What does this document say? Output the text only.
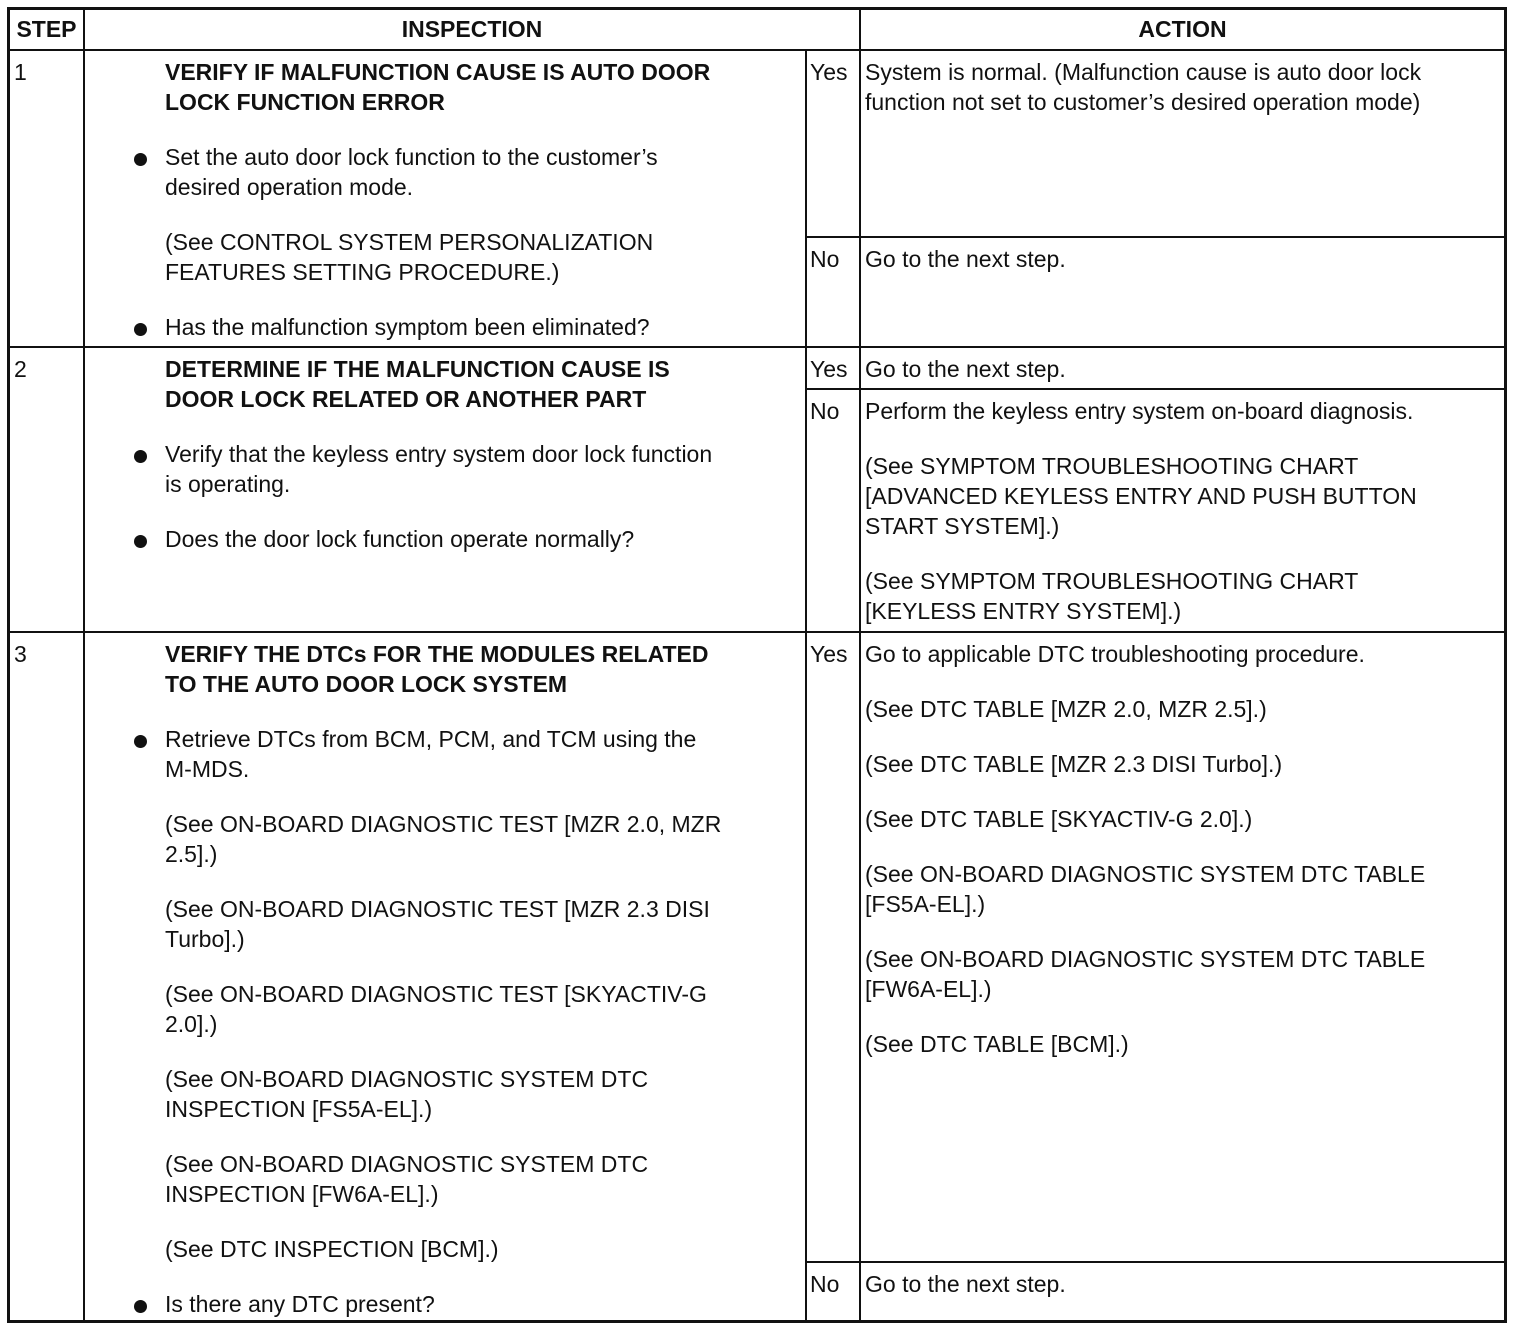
STEP	INSPECTION	ACTION
1	VERIFY IF MALFUNCTION CAUSE IS AUTO DOOR
LOCK FUNCTION ERROR
Set the auto door lock function to the customer’s
desired operation mode.
(See CONTROL SYSTEM PERSONALIZATION
FEATURES SETTING PROCEDURE.)
Has the malfunction symptom been eliminated?
Yes System is normal. (Malfunction cause is auto door lock
function not set to customer’s desired operation mode)
No Go to the next step.
2	DETERMINE IF THE MALFUNCTION CAUSE IS
DOOR LOCK RELATED OR ANOTHER PART
Verify that the keyless entry system door lock function
is operating.
Does the door lock function operate normally?
Yes Go to the next step.
No Perform the keyless entry system on-board diagnosis.
(See SYMPTOM TROUBLESHOOTING CHART
[ADVANCED KEYLESS ENTRY AND PUSH BUTTON
START SYSTEM].)
(See SYMPTOM TROUBLESHOOTING CHART
[KEYLESS ENTRY SYSTEM].)
3	VERIFY THE DTCs FOR THE MODULES RELATED
TO THE AUTO DOOR LOCK SYSTEM
Retrieve DTCs from BCM, PCM, and TCM using the
M-MDS.
(See ON-BOARD DIAGNOSTIC TEST [MZR 2.0, MZR
2.5].)
(See ON-BOARD DIAGNOSTIC TEST [MZR 2.3 DISI
Turbo].)
(See ON-BOARD DIAGNOSTIC TEST [SKYACTIV-G
2.0].)
(See ON-BOARD DIAGNOSTIC SYSTEM DTC
INSPECTION [FS5A-EL].)
(See ON-BOARD DIAGNOSTIC SYSTEM DTC
INSPECTION [FW6A-EL].)
(See DTC INSPECTION [BCM].)
Is there any DTC present?
Yes Go to applicable DTC troubleshooting procedure.
(See DTC TABLE [MZR 2.0, MZR 2.5].)
(See DTC TABLE [MZR 2.3 DISI Turbo].)
(See DTC TABLE [SKYACTIV-G 2.0].)
(See ON-BOARD DIAGNOSTIC SYSTEM DTC TABLE
[FS5A-EL].)
(See ON-BOARD DIAGNOSTIC SYSTEM DTC TABLE
[FW6A-EL].)
(See DTC TABLE [BCM].)
No Go to the next step.
